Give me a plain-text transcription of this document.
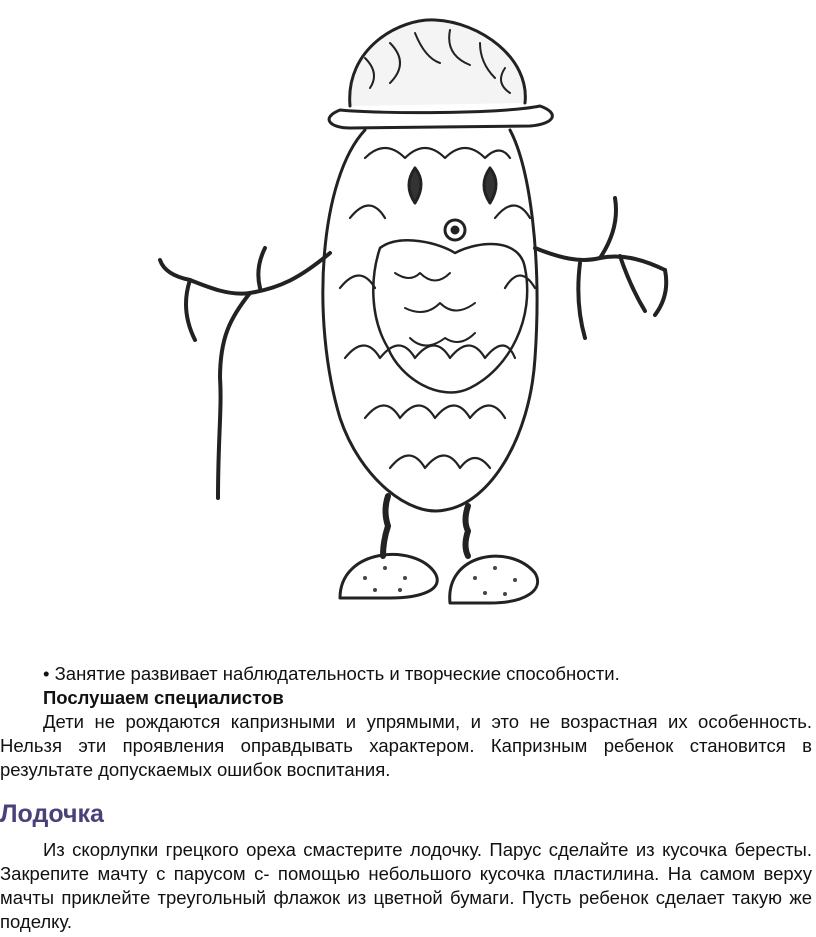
• Занятие развивает наблюдательность и творческие способности.

Послушаем специалистов

Дети не рождаются капризными и упрямыми, и это не возрастная их особенность. Нельзя эти проявления оправдывать характером. Капризным ребенок становится в результате допускаемых ошибок воспитания.

Лодочка

Из скорлупки грецкого ореха смастерите лодочку. Парус сделайте из кусочка бересты. Закрепите мачту с парусом с- помощью небольшого кусочка пластилина. На самом верху мачты приклейте треугольный флажок из цветной бумаги. Пусть ребенок сделает такую же поделку.
